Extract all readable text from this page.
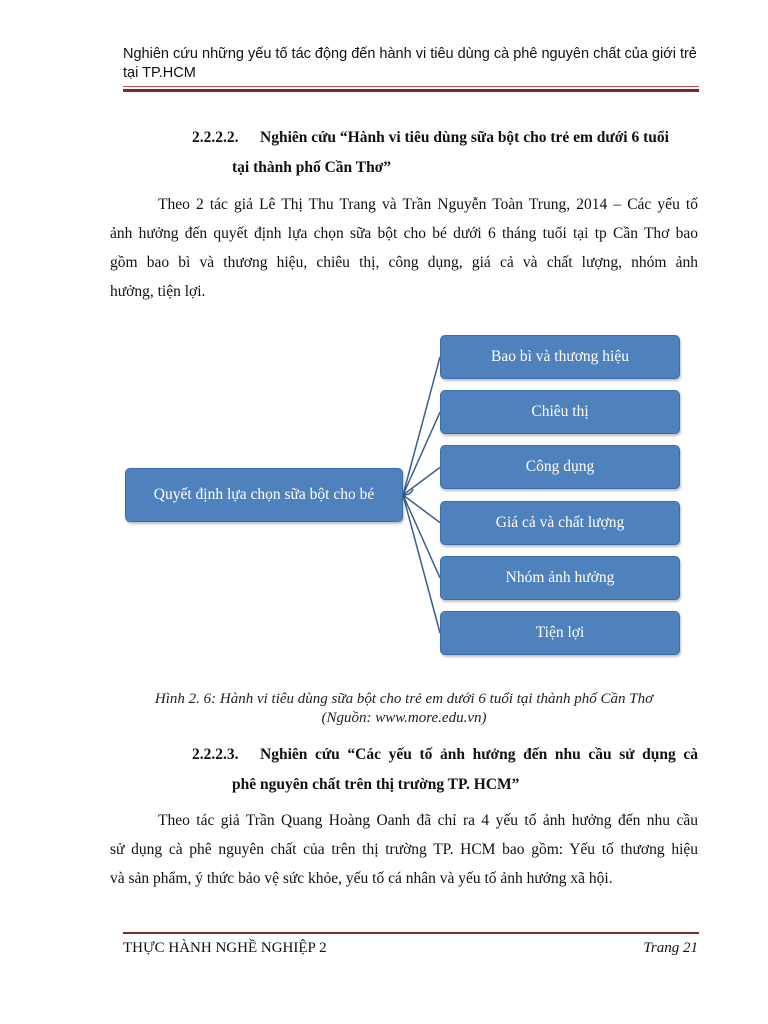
Nghiên cứu những yếu tố tác động đến hành vi tiêu dùng cà phê nguyên chất của giới trẻ tại TP.HCM
2.2.2.2. Nghiên cứu “Hành vi tiêu dùng sữa bột cho trẻ em dưới 6 tuổi
tại thành phố Cần Thơ”
Theo 2 tác giả Lê Thị Thu Trang và Trần Nguyễn Toàn Trung, 2014 – Các yếu tố
ảnh hưởng đến quyết định lựa chọn sữa bột cho bé dưới 6 tháng tuổi tại tp Cần Thơ bao
gồm bao bì và thương hiệu, chiêu thị, công dụng, giá cả và chất lượng, nhóm ảnh
hưởng, tiện lợi.
Quyết định lựa chọn sữa bột cho bé
Bao bì và thương hiệu
Chiêu thị
Công dụng
Giá cả và chất lượng
Nhóm ảnh hưởng
Tiện lợi
Hình 2. 6: Hành vi tiêu dùng sữa bột cho trẻ em dưới 6 tuổi tại thành phố Cần Thơ
(Nguồn: www.more.edu.vn)
2.2.2.3. Nghiên cứu “Các yếu tố ảnh hưởng đến nhu cầu sử dụng cà
phê nguyên chất trên thị trường TP. HCM”
Theo tác giả Trần Quang Hoàng Oanh đã chỉ ra 4 yếu tố ảnh hưởng đến nhu cầu
sử dụng cà phê nguyên chất của trên thị trường TP. HCM bao gồm: Yếu tố thương hiệu
và sản phẩm, ý thức bảo vệ sức khỏe, yếu tố cá nhân và yếu tố ảnh hưởng xã hội.
THỰC HÀNH NGHỀ NGHIỆP 2	Trang 21
